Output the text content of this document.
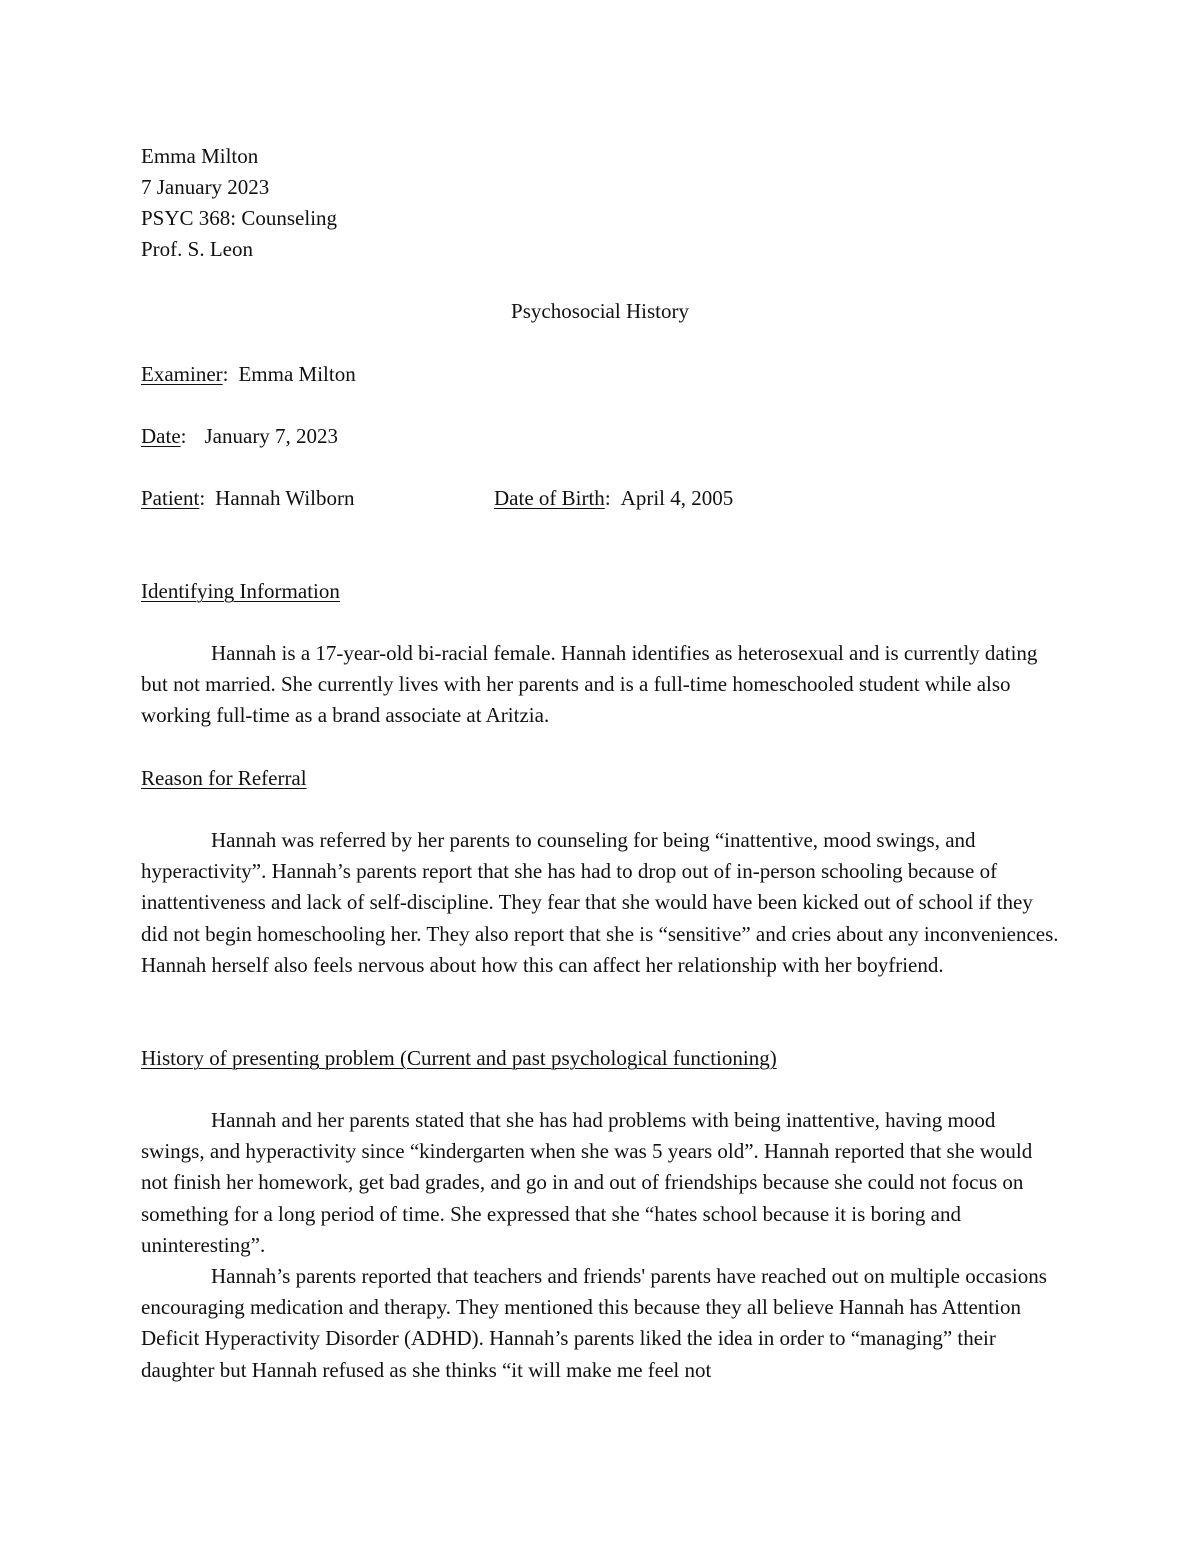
Emma Milton
7 January 2023
PSYC 368: Counseling
Prof. S. Leon
Psychosocial History
Examiner: Emma Milton
Date: January 7, 2023
Patient: Hannah Wilborn	Date of Birth: April 4, 2005
Identifying Information

Hannah is a 17-year-old bi-racial female. Hannah identifies as heterosexual and is currently dating but not married. She currently lives with her parents and is a full-time homeschooled student while also working full-time as a brand associate at Aritzia.

Reason for Referral

Hannah was referred by her parents to counseling for being “inattentive, mood swings, and hyperactivity”. Hannah’s parents report that she has had to drop out of in-person schooling because of inattentiveness and lack of self-discipline. They fear that she would have been kicked out of school if they did not begin homeschooling her. They also report that she is “sensitive” and cries about any inconveniences. Hannah herself also feels nervous about how this can affect her relationship with her boyfriend.

History of presenting problem (Current and past psychological functioning)

Hannah and her parents stated that she has had problems with being inattentive, having mood swings, and hyperactivity since “kindergarten when she was 5 years old”. Hannah reported that she would not finish her homework, get bad grades, and go in and out of friendships because she could not focus on something for a long period of time. She expressed that she “hates school because it is boring and uninteresting”.

Hannah’s parents reported that teachers and friends' parents have reached out on multiple occasions encouraging medication and therapy. They mentioned this because they all believe Hannah has Attention Deficit Hyperactivity Disorder (ADHD). Hannah’s parents liked the idea in order to “managing” their daughter but Hannah refused as she thinks “it will make me feel not
